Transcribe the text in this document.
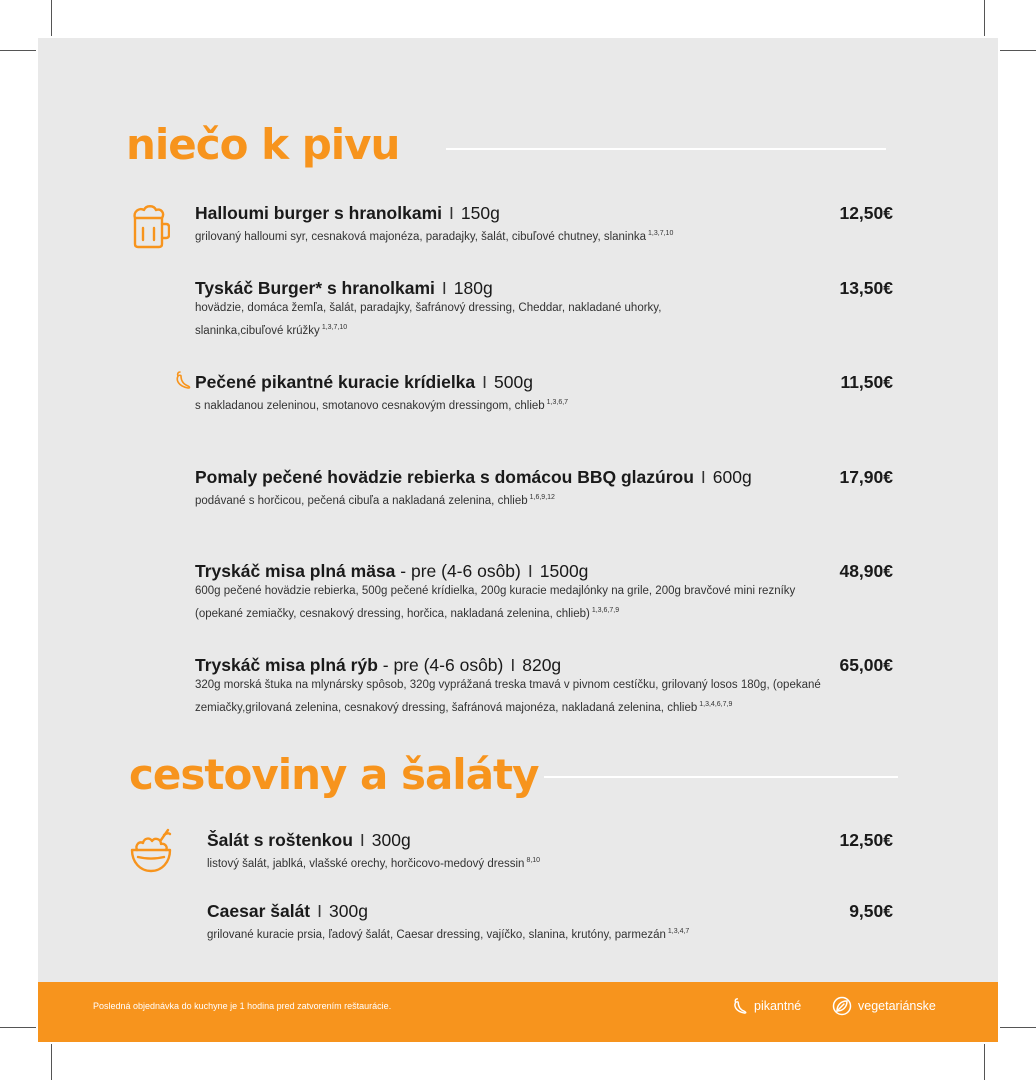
niečo k pivu
Halloumi burger s hranolkami I 150g
grilovaný halloumi syr, cesnaková majonéza, paradajky, šalát, cibuľové chutney, slaninka $^{1,3,7,10}$
12,50€
Tyskáč Burger* s hranolkami I 180g
hovädzie, domáca žemľa, šalát, paradajky, šafránový dressing, Cheddar, nakladané uhorky, slaninka,cibuľové krúžky $^{1,3,7,10}$
13,50€
Pečené pikantné kuracie krídielka I 500g
s nakladanou zeleninou, smotanovo cesnakovým dressingom, chlieb $^{1,3,6,7}$
11,50€
Pomaly pečené hovädzie rebierka s domácou BBQ glazúrou I 600g
podávané s horčicou, pečená cibuľa a nakladaná zelenina, chlieb $^{1,6,9,12}$
17,90€
Tryskáč misa plná mäsa - pre (4-6 osôb) I 1500g
600g pečené hovädzie rebierka, 500g pečené krídielka, 200g kuracie medajlónky na grile, 200g bravčové mini rezníky (opekané zemiačky, cesnakový dressing, horčica, nakladaná zelenina, chlieb) $^{1,3,6,7,9}$
48,90€
Tryskáč misa plná rýb - pre (4-6 osôb) I 820g
320g morská štuka na mlynársky spôsob, 320g vyprážaná treska tmavá v pivnom cestíčku, grilovaný losos 180g, (opekané zemiačky,grilovaná zelenina, cesnakový dressing, šafránová majonéza, nakladaná zelenina, chlieb $^{1,3,4,6,7,9}$
65,00€
cestoviny a šaláty
Šalát s roštenkou I 300g
listový šalát, jablká, vlašské orechy, horčicovo-medový dressin $^{8,10}$
12,50€
Caesar šalát I 300g
grilované kuracie prsia, ľadový šalát, Caesar dressing, vajíčko, slanina, krutóny, parmezán $^{1,3,4,7}$
9,50€
Posledná objednávka do kuchyne je 1 hodina pred zatvorením reštaurácie.	pikantné	vegetariánske
